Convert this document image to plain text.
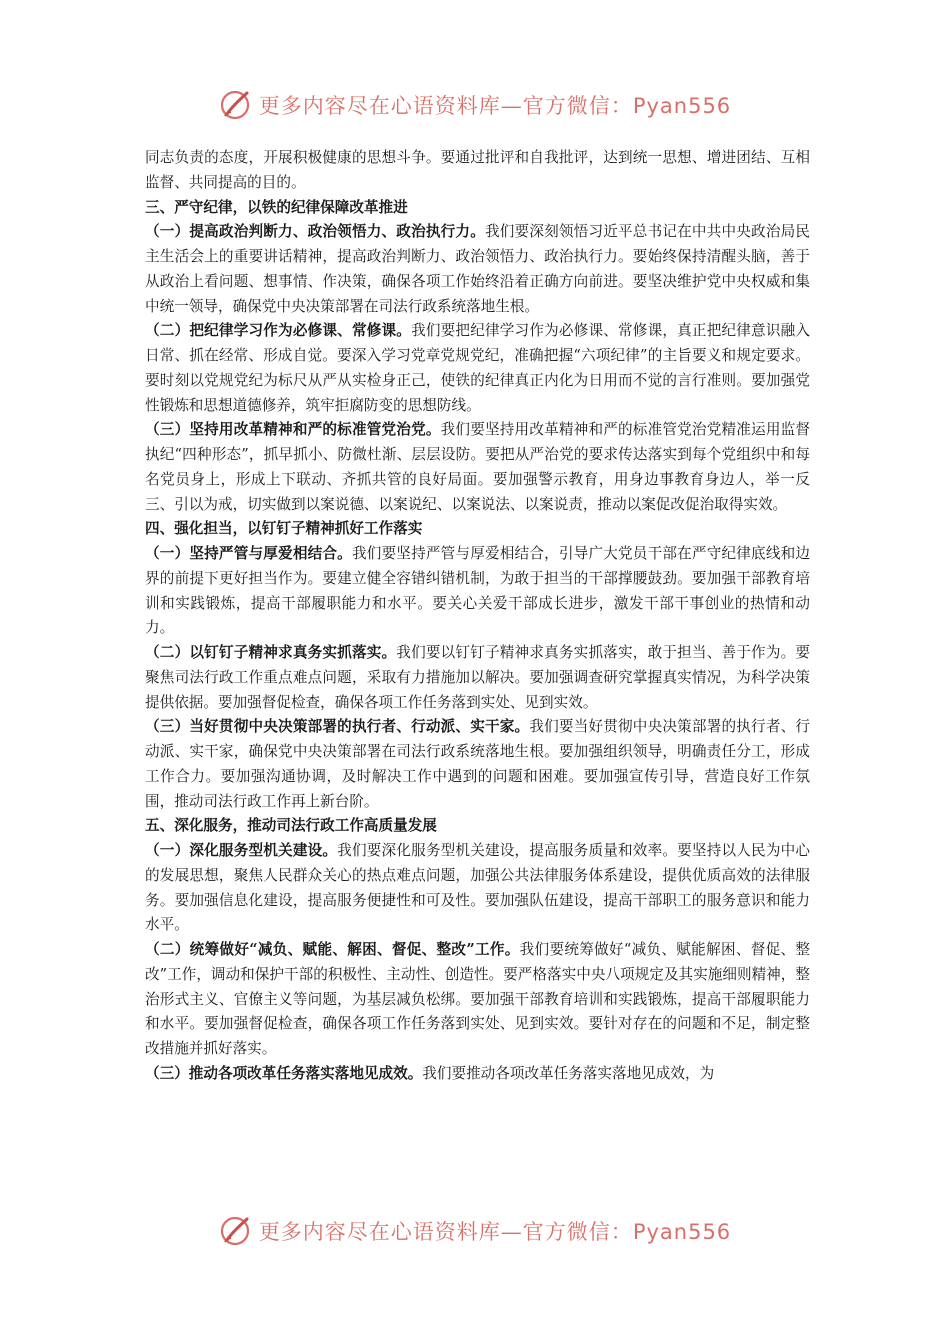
更多内容尽在心语资料库—官方微信：Pyan556

同志负责的态度，开展积极健康的思想斗争。要通过批评和自我批评，达到统一思想、增进团结、互相监督、共同提高的目的。

三、严守纪律，以铁的纪律保障改革推进

（一）提高政治判断力、政治领悟力、政治执行力。我们要深刻领悟习近平总书记在中共中央政治局民主生活会上的重要讲话精神，提高政治判断力、政治领悟力、政治执行力。要始终保持清醒头脑，善于从政治上看问题、想事情、作决策，确保各项工作始终沿着正确方向前进。要坚决维护党中央权威和集中统一领导，确保党中央决策部署在司法行政系统落地生根。

（二）把纪律学习作为必修课、常修课。我们要把纪律学习作为必修课、常修课，真正把纪律意识融入日常、抓在经常、形成自觉。要深入学习党章党规党纪，准确把握“六项纪律”的主旨要义和规定要求。要时刻以党规党纪为标尺从严从实检身正己，使铁的纪律真正内化为日用而不觉的言行准则。要加强党性锻炼和思想道德修养，筑牢拒腐防变的思想防线。

（三）坚持用改革精神和严的标准管党治党。我们要坚持用改革精神和严的标准管党治党精准运用监督执纪“四种形态”，抓早抓小、防微杜渐、层层设防。要把从严治党的要求传达落实到每个党组织中和每名党员身上，形成上下联动、齐抓共管的良好局面。要加强警示教育，用身边事教育身边人，举一反三、引以为戒，切实做到以案说德、以案说纪、以案说法、以案说责，推动以案促改促治取得实效。

四、强化担当，以钉钉子精神抓好工作落实

（一）坚持严管与厚爱相结合。我们要坚持严管与厚爱相结合，引导广大党员干部在严守纪律底线和边界的前提下更好担当作为。要建立健全容错纠错机制，为敢于担当的干部撑腰鼓劲。要加强干部教育培训和实践锻炼，提高干部履职能力和水平。要关心关爱干部成长进步，激发干部干事创业的热情和动力。

（二）以钉钉子精神求真务实抓落实。我们要以钉钉子精神求真务实抓落实，敢于担当、善于作为。要聚焦司法行政工作重点难点问题，采取有力措施加以解决。要加强调查研究掌握真实情况，为科学决策提供依据。要加强督促检查，确保各项工作任务落到实处、见到实效。

（三）当好贯彻中央决策部署的执行者、行动派、实干家。我们要当好贯彻中央决策部署的执行者、行动派、实干家，确保党中央决策部署在司法行政系统落地生根。要加强组织领导，明确责任分工，形成工作合力。要加强沟通协调，及时解决工作中遇到的问题和困难。要加强宣传引导，营造良好工作氛围，推动司法行政工作再上新台阶。

五、深化服务，推动司法行政工作高质量发展

（一）深化服务型机关建设。我们要深化服务型机关建设，提高服务质量和效率。要坚持以人民为中心的发展思想，聚焦人民群众关心的热点难点问题，加强公共法律服务体系建设，提供优质高效的法律服务。要加强信息化建设，提高服务便捷性和可及性。要加强队伍建设，提高干部职工的服务意识和能力水平。

（二）统筹做好“减负、赋能、解困、督促、整改”工作。我们要统筹做好“减负、赋能解困、督促、整改”工作，调动和保护干部的积极性、主动性、创造性。要严格落实中央八项规定及其实施细则精神，整治形式主义、官僚主义等问题，为基层减负松绑。要加强干部教育培训和实践锻炼，提高干部履职能力和水平。要加强督促检查，确保各项工作任务落到实处、见到实效。要针对存在的问题和不足，制定整改措施并抓好落实。

（三）推动各项改革任务落实落地见成效。我们要推动各项改革任务落实落地见成效，为

更多内容尽在心语资料库—官方微信：Pyan556
